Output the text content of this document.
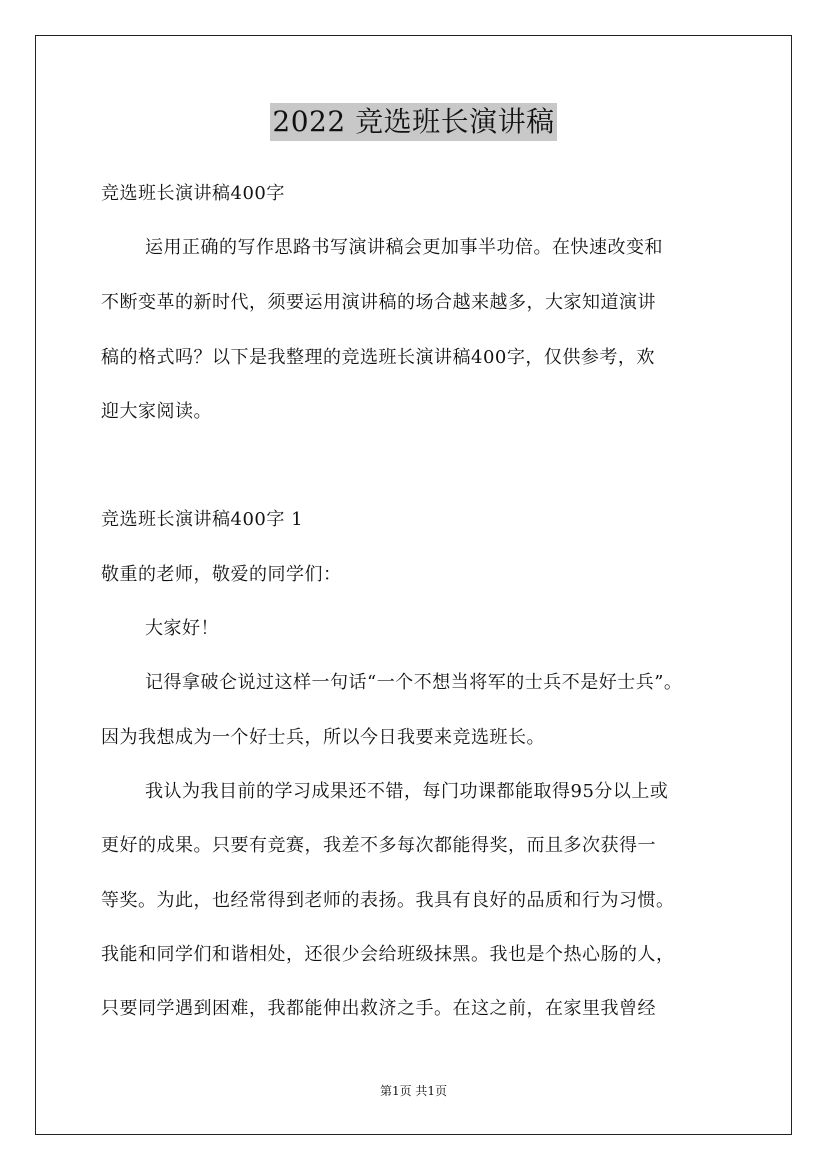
2022 竞选班长演讲稿
竞选班长演讲稿400字
运用正确的写作思路书写演讲稿会更加事半功倍。在快速改变和
不断变革的新时代，须要运用演讲稿的场合越来越多，大家知道演讲
稿的格式吗？以下是我整理的竞选班长演讲稿400字，仅供参考，欢
迎大家阅读。
竞选班长演讲稿400字 1
敬重的老师，敬爱的同学们：
大家好！
记得拿破仑说过这样一句话“一个不想当将军的士兵不是好士兵”。
因为我想成为一个好士兵，所以今日我要来竞选班长。
我认为我目前的学习成果还不错，每门功课都能取得95分以上或
更好的成果。只要有竞赛，我差不多每次都能得奖，而且多次获得一
等奖。为此，也经常得到老师的表扬。我具有良好的品质和行为习惯。
我能和同学们和谐相处，还很少会给班级抹黑。我也是个热心肠的人，
只要同学遇到困难，我都能伸出救济之手。在这之前，在家里我曾经
第1页 共1页
